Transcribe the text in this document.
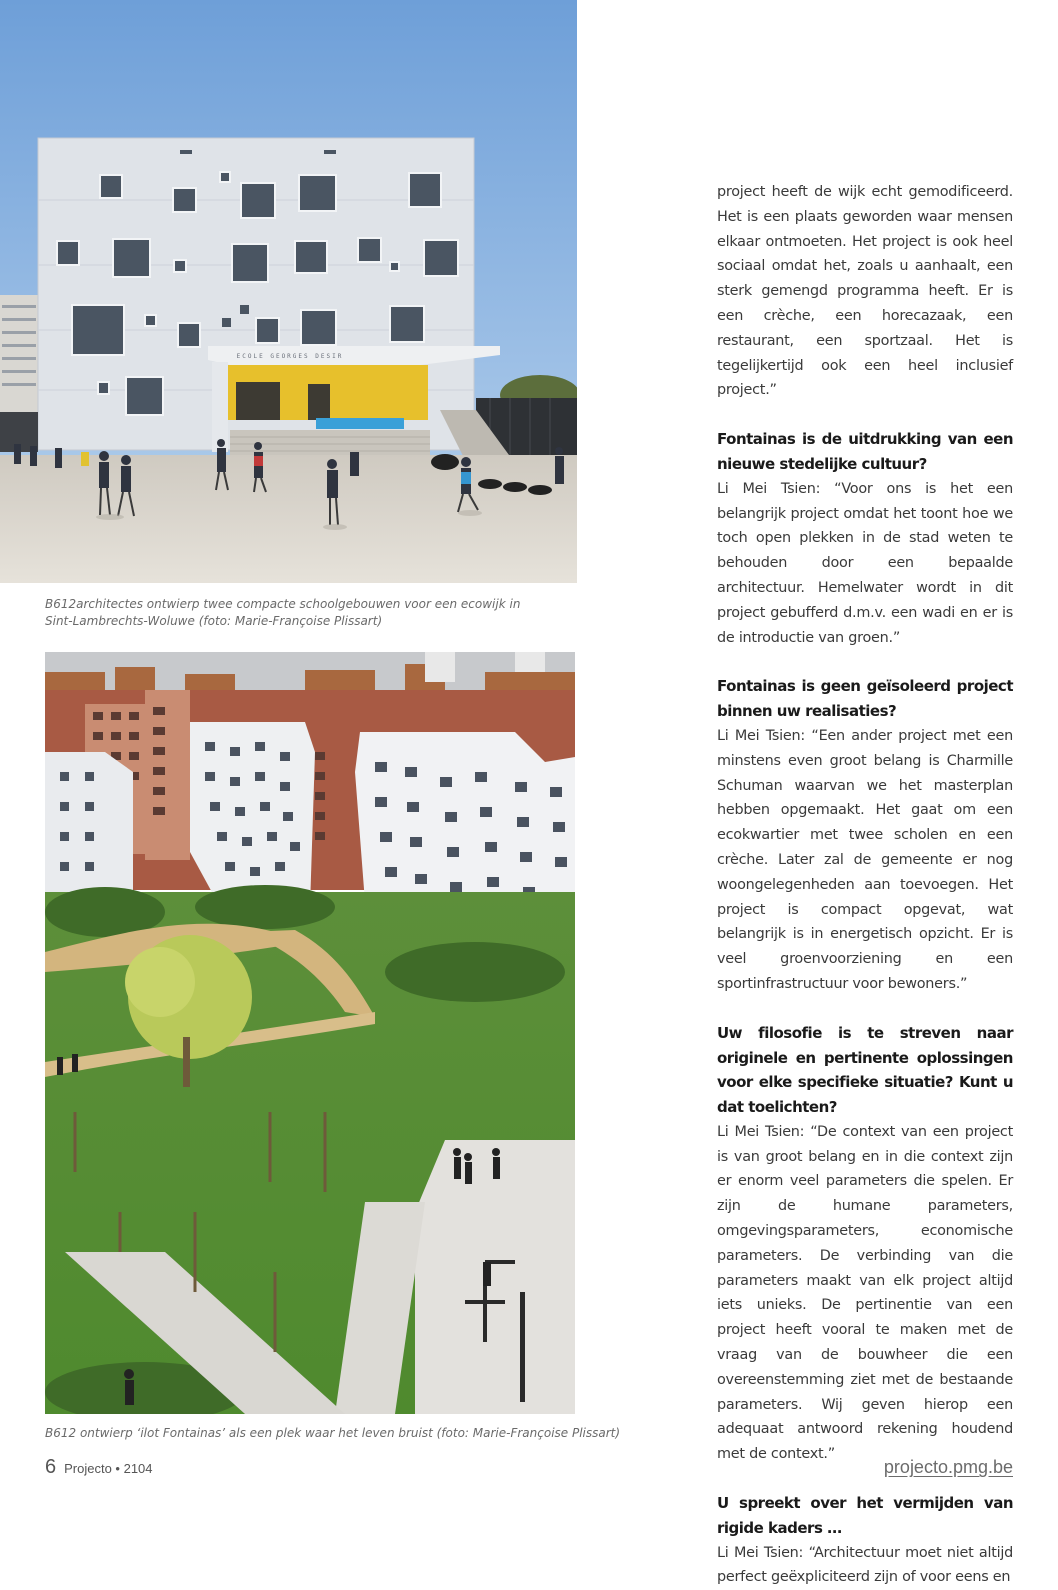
ECOLE GEORGES DESIR

B612architectes ontwierp twee compacte schoolgebouwen voor een ecowijk in Sint-Lambrechts-Woluwe (foto: Marie-Françoise Plissart)

B612 ontwierp ‘ilot Fontainas’ als een plek waar het leven bruist (foto: Marie-Françoise Plissart)

project heeft de wijk echt gemodificeerd. Het is een plaats geworden waar mensen elkaar ontmoeten. Het project is ook heel sociaal omdat het, zoals u aanhaalt, een sterk gemengd programma heeft. Er is een crèche, een horecazaak, een restaurant, een sportzaal. Het is tegelijkertijd ook een heel inclusief project.”

Fontainas is de uitdrukking van een nieuwe stedelijke cultuur?

Li Mei Tsien: “Voor ons is het een belangrijk project omdat het toont hoe we toch open plekken in de stad weten te behouden door een bepaalde architectuur. Hemelwater wordt in dit project gebufferd d.m.v. een wadi en er is de introductie van groen.”

Fontainas is geen geïsoleerd project binnen uw realisaties?

Li Mei Tsien: “Een ander project met een minstens even groot belang is Charmille Schuman waarvan we het masterplan hebben opgemaakt. Het gaat om een ecokwartier met twee scholen en een crèche. Later zal de gemeente er nog woongelegenheden aan toevoegen. Het project is compact opgevat, wat belangrijk is in energetisch opzicht. Er is veel groenvoorziening en een sportinfrastructuur voor bewoners.”

Uw filosofie is te streven naar originele en pertinente oplossingen voor elke specifieke situatie? Kunt u dat toelichten?

Li Mei Tsien: “De context van een project is van groot belang en in die context zijn er enorm veel parameters die spelen. Er zijn de humane parameters, omgevingsparameters, economische parameters. De verbinding van die parameters maakt van elk project altijd iets unieks. De pertinentie van een project heeft vooral te maken met de vraag van de bouwheer die een overeenstemming ziet met de bestaande parameters. Wij geven hierop een adequaat antwoord rekening houdend met de context.”

U spreekt over het vermijden van rigide kaders …

Li Mei Tsien: “Architectuur moet niet altijd perfect geëxpliciteerd zijn of voor eens en

6 Projecto • 2104	projecto.pmg.be
